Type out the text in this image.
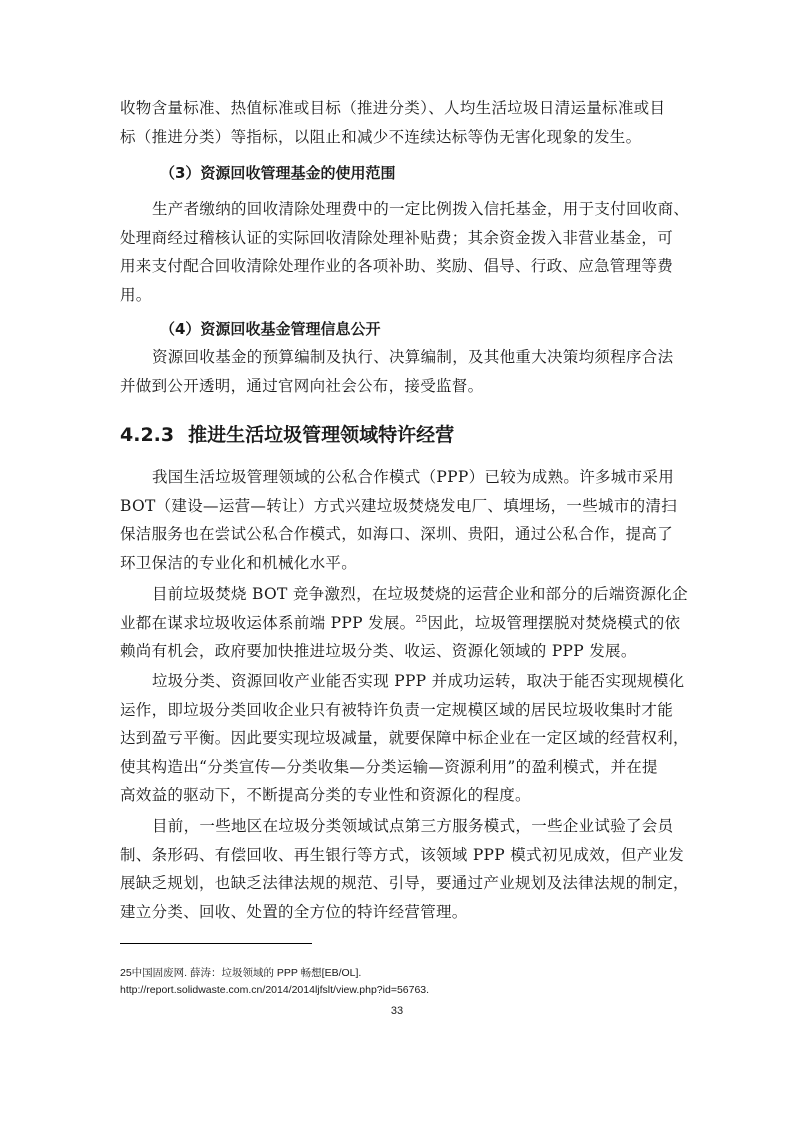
收物含量标准、热值标准或目标（推进分类）、人均生活垃圾日清运量标准或目
标（推进分类）等指标，以阻止和减少不连续达标等伪无害化现象的发生。
（3）资源回收管理基金的使用范围
生产者缴纳的回收清除处理费中的一定比例拨入信托基金，用于支付回收商、
处理商经过稽核认证的实际回收清除处理补贴费；其余资金拨入非营业基金，可
用来支付配合回收清除处理作业的各项补助、奖励、倡导、行政、应急管理等费
用。
（4）资源回收基金管理信息公开
资源回收基金的预算编制及执行、决算编制，及其他重大决策均须程序合法
并做到公开透明，通过官网向社会公布，接受监督。
4.2.3 推进生活垃圾管理领域特许经营
我国生活垃圾管理领域的公私合作模式（PPP）已较为成熟。许多城市采用
BOT（建设—运营—转让）方式兴建垃圾焚烧发电厂、填埋场，一些城市的清扫
保洁服务也在尝试公私合作模式，如海口、深圳、贵阳，通过公私合作，提高了
环卫保洁的专业化和机械化水平。
目前垃圾焚烧 BOT 竞争激烈，在垃圾焚烧的运营企业和部分的后端资源化企
业都在谋求垃圾收运体系前端 PPP 发展。$^{25}$因此，垃圾管理摆脱对焚烧模式的依
赖尚有机会，政府要加快推进垃圾分类、收运、资源化领域的 PPP 发展。
垃圾分类、资源回收产业能否实现 PPP 并成功运转，取决于能否实现规模化
运作，即垃圾分类回收企业只有被特许负责一定规模区域的居民垃圾收集时才能
达到盈亏平衡。因此要实现垃圾减量，就要保障中标企业在一定区域的经营权利，
使其构造出“分类宣传—分类收集—分类运输—资源利用”的盈利模式，并在提
高效益的驱动下，不断提高分类的专业性和资源化的程度。
目前，一些地区在垃圾分类领域试点第三方服务模式，一些企业试验了会员
制、条形码、有偿回收、再生银行等方式，该领域 PPP 模式初见成效，但产业发
展缺乏规划，也缺乏法律法规的规范、引导，要通过产业规划及法律法规的制定，
建立分类、回收、处置的全方位的特许经营管理。
25中国固废网. 薛涛：垃圾领域的 PPP 畅想[EB/OL].
http://report.solidwaste.com.cn/2014/2014ljfslt/view.php?id=56763.
33
